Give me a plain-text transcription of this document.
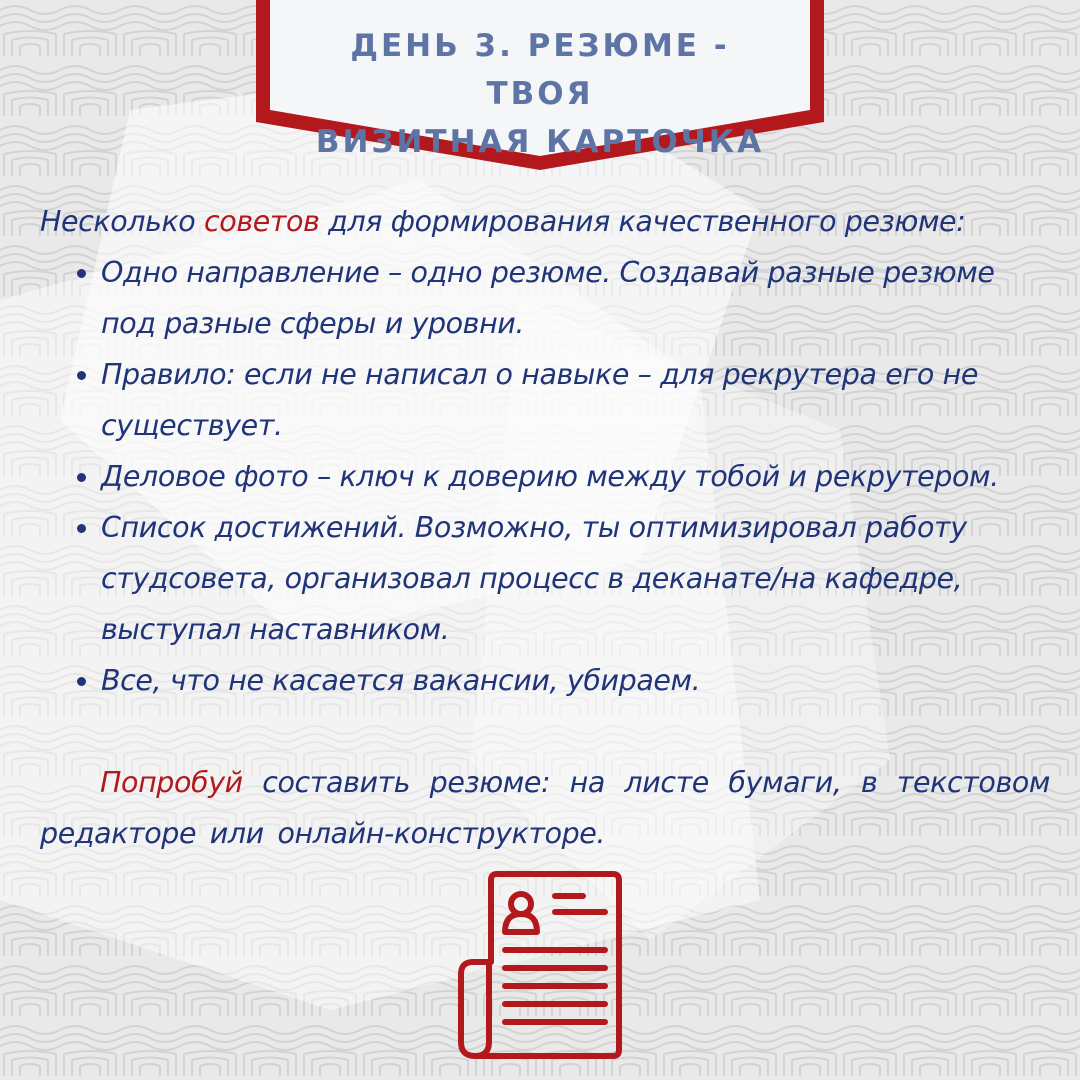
ДЕНЬ 3. РЕЗЮМЕ - ТВОЯ
ВИЗИТНАЯ КАРТОЧКА

Несколько советов для формирования качественного резюме:

Одно направление – одно резюме. Создавай разные резюме под разные сферы и уровни.
Правило: если не написал о навыке – для рекрутера его не существует.
Деловое фото – ключ к доверию между тобой и рекрутером.
Список достижений. Возможно, ты оптимизировал работу студсовета, организовал процесс в деканате/на кафедре, выступал наставником.
Все, что не касается вакансии, убираем.

Попробуй составить резюме: на листе бумаги, в текстовом редакторе или онлайн-конструкторе.
